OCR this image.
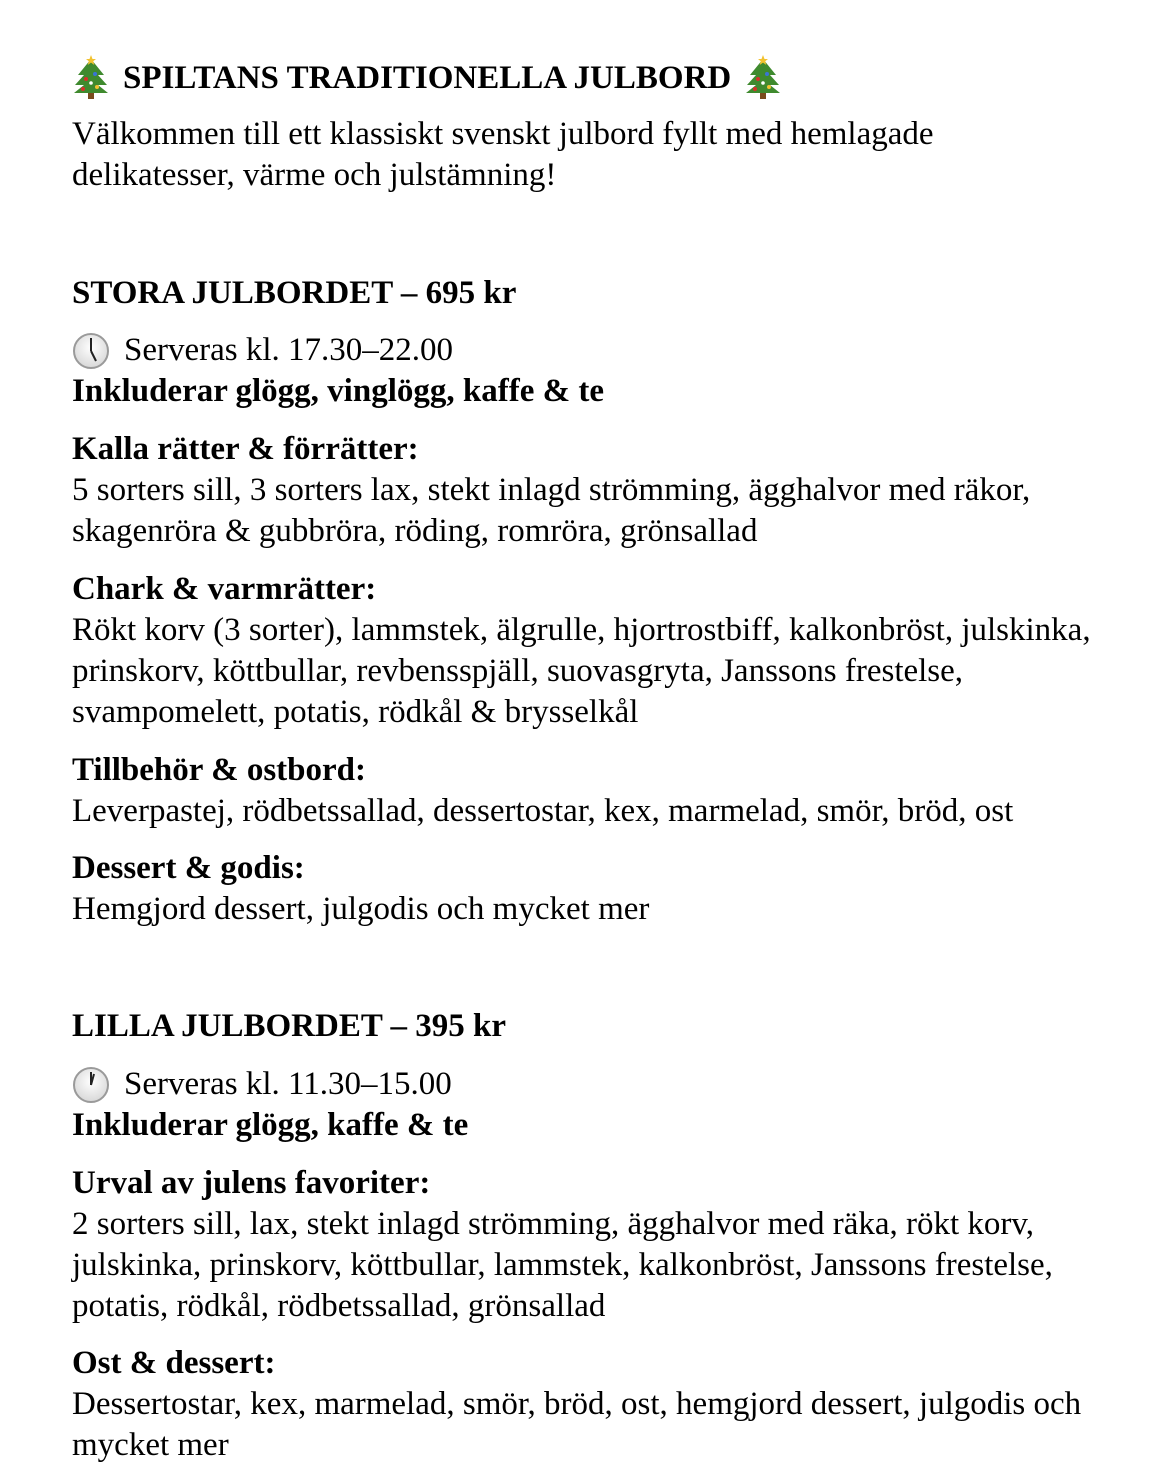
SPILTANS TRADITIONELLA JULBORD
Välkommen till ett klassiskt svenskt julbord fyllt med hemlagade delikatesser, värme och julstämning!
STORA JULBORDET – 695 kr
Serveras kl. 17.30–22.00
Inkluderar glögg, vinglögg, kaffe & te
Kalla rätter & förrätter:
5 sorters sill, 3 sorters lax, stekt inlagd strömming, ägghalvor med räkor, skagenröra & gubbröra, röding, romröra, grönsallad
Chark & varmrätter:
Rökt korv (3 sorter), lammstek, älgrulle, hjortrostbiff, kalkonbröst, julskinka, prinskorv, köttbullar, revbensspjäll, suovasgryta, Janssons frestelse, svampomelett, potatis, rödkål & brysselkål
Tillbehör & ostbord:
Leverpastej, rödbetssallad, dessertostar, kex, marmelad, smör, bröd, ost
Dessert & godis:
Hemgjord dessert, julgodis och mycket mer
LILLA JULBORDET – 395 kr
Serveras kl. 11.30–15.00
Inkluderar glögg, kaffe & te
Urval av julens favoriter:
2 sorters sill, lax, stekt inlagd strömming, ägghalvor med räka, rökt korv, julskinka, prinskorv, köttbullar, lammstek, kalkonbröst, Janssons frestelse, potatis, rödkål, rödbetssallad, grönsallad
Ost & dessert:
Dessertostar, kex, marmelad, smör, bröd, ost, hemgjord dessert, julgodis och mycket mer
